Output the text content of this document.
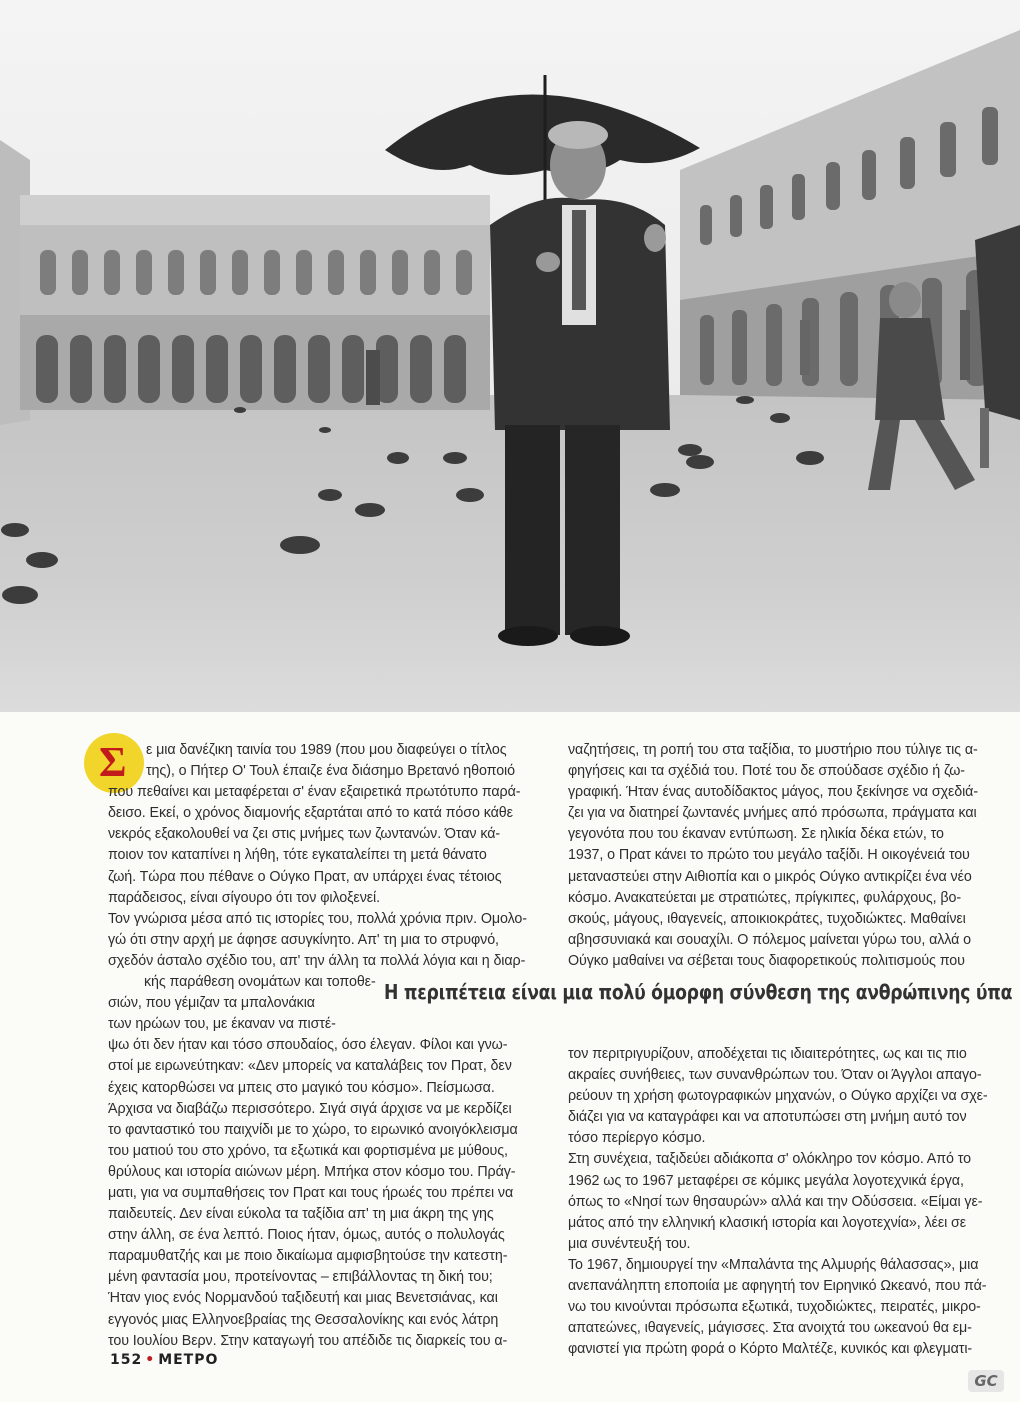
Σ	ε μια δανέζικη ταινία του 1989 (που μου διαφεύγει ο τίτλος
της), ο Πήτερ Ο' Τουλ έπαιζε ένα διάσημο Βρετανό ηθοποιό
που πεθαίνει και μεταφέρεται σ' έναν εξαιρετικά πρωτότυπο παρά-
δεισο. Εκεί, ο χρόνος διαμονής εξαρτάται από το κατά πόσο κάθε
νεκρός εξακολουθεί να ζει στις μνήμες των ζωντανών. Όταν κά-
ποιον τον καταπίνει η λήθη, τότε εγκαταλείπει τη μετά θάνατο
ζωή. Τώρα που πέθανε ο Ούγκο Πρατ, αν υπάρχει ένας τέτοιος
παράδεισος, είναι σίγουρο ότι τον φιλοξενεί.
Τον γνώρισα μέσα από τις ιστορίες του, πολλά χρόνια πριν. Ομολο-
γώ ότι στην αρχή με άφησε ασυγκίνητο. Απ' τη μια το στρυφνό,
σχεδόν άσταλο σχέδιο του, απ' την άλλη τα πολλά λόγια και η διαρ-
κής παράθεση ονομάτων και τοποθε-
σιών, που γέμιζαν τα μπαλονάκια
των ηρώων του, με έκαναν να πιστέ-
ψω ότι δεν ήταν και τόσο σπουδαίος, όσο έλεγαν. Φίλοι και γνω-
στοί με ειρωνεύτηκαν: «Δεν μπορείς να καταλάβεις τον Πρατ, δεν
έχεις κατορθώσει να μπεις στο μαγικό του κόσμο». Πείσμωσα.
Άρχισα να διαβάζω περισσότερο. Σιγά σιγά άρχισε να με κερδίζει
το φανταστικό του παιχνίδι με το χώρο, το ειρωνικό ανοιγόκλεισμα
του ματιού του στο χρόνο, τα εξωτικά και φορτισμένα με μύθους,
θρύλους και ιστορία αιώνων μέρη. Μπήκα στον κόσμο του. Πράγ-
ματι, για να συμπαθήσεις τον Πρατ και τους ήρωές του πρέπει να
παιδευτείς. Δεν είναι εύκολα τα ταξίδια απ' τη μια άκρη της γης
στην άλλη, σε ένα λεπτό. Ποιος ήταν, όμως, αυτός ο πολυλογάς
παραμυθατζής και με ποιο δικαίωμα αμφισβητούσε την κατεστη-
μένη φαντασία μου, προτείνοντας – επιβάλλοντας τη δική του;
Ήταν γιος ενός Νορμανδού ταξιδευτή και μιας Βενετσιάνας, και
εγγονός μιας Ελληνοεβραίας της Θεσσαλονίκης και ενός λάτρη
του Ιουλίου Βερν. Στην καταγωγή του απέδιδε τις διαρκείς του α-
ναζητήσεις, τη ροπή του στα ταξίδια, το μυστήριο που τύλιγε τις α-
φηγήσεις και τα σχέδιά του. Ποτέ του δε σπούδασε σχέδιο ή ζω-
γραφική. Ήταν ένας αυτοδίδακτος μάγος, που ξεκίνησε να σχεδιά-
ζει για να διατηρεί ζωντανές μνήμες από πρόσωπα, πράγματα και
γεγονότα που του έκαναν εντύπωση. Σε ηλικία δέκα ετών, το
1937, ο Πρατ κάνει το πρώτο του μεγάλο ταξίδι. Η οικογένειά του
μεταναστεύει στην Αιθιοπία και ο μικρός Ούγκο αντικρίζει ένα νέο
κόσμο. Ανακατεύεται με στρατιώτες, πρίγκιπες, φυλάρχους, βο-
σκούς, μάγους, ιθαγενείς, αποικιοκράτες, τυχοδιώκτες. Μαθαίνει
αβησσυνιακά και σουαχίλι. Ο πόλεμος μαίνεται γύρω του, αλλά ο
Ούγκο μαθαίνει να σέβεται τους διαφορετικούς πολιτισμούς που
Η περιπέτεια είναι μια πολύ όμορφη σύνθεση της ανθρώπινης ύπα
τον περιτριγυρίζουν, αποδέχεται τις ιδιαιτερότητες, ως και τις πιο
ακραίες συνήθειες, των συνανθρώπων του. Όταν οι Άγγλοι απαγο-
ρεύουν τη χρήση φωτογραφικών μηχανών, ο Ούγκο αρχίζει να σχε-
διάζει για να καταγράφει και να αποτυπώσει στη μνήμη αυτό τον
τόσο περίεργο κόσμο.
Στη συνέχεια, ταξιδεύει αδιάκοπα σ' ολόκληρο τον κόσμο. Από το
1962 ως το 1967 μεταφέρει σε κόμικς μεγάλα λογοτεχνικά έργα,
όπως το «Νησί των θησαυρών» αλλά και την Οδύσσεια. «Είμαι γε-
μάτος από την ελληνική κλασική ιστορία και λογοτεχνία», λέει σε
μια συνέντευξή του.
Το 1967, δημιουργεί την «Μπαλάντα της Αλμυρής θάλασσας», μια
ανεπανάληπτη εποποιία με αφηγητή τον Ειρηνικό Ωκεανό, που πά-
νω του κινούνται πρόσωπα εξωτικά, τυχοδιώκτες, πειρατές, μικρο-
απατεώνες, ιθαγενείς, μάγισσες. Στα ανοιχτά του ωκεανού θα εμ-
φανιστεί για πρώτη φορά ο Κόρτο Μαλτέζε, κυνικός και φλεγματι-
152 • ΜΕΤΡΟ
GC
